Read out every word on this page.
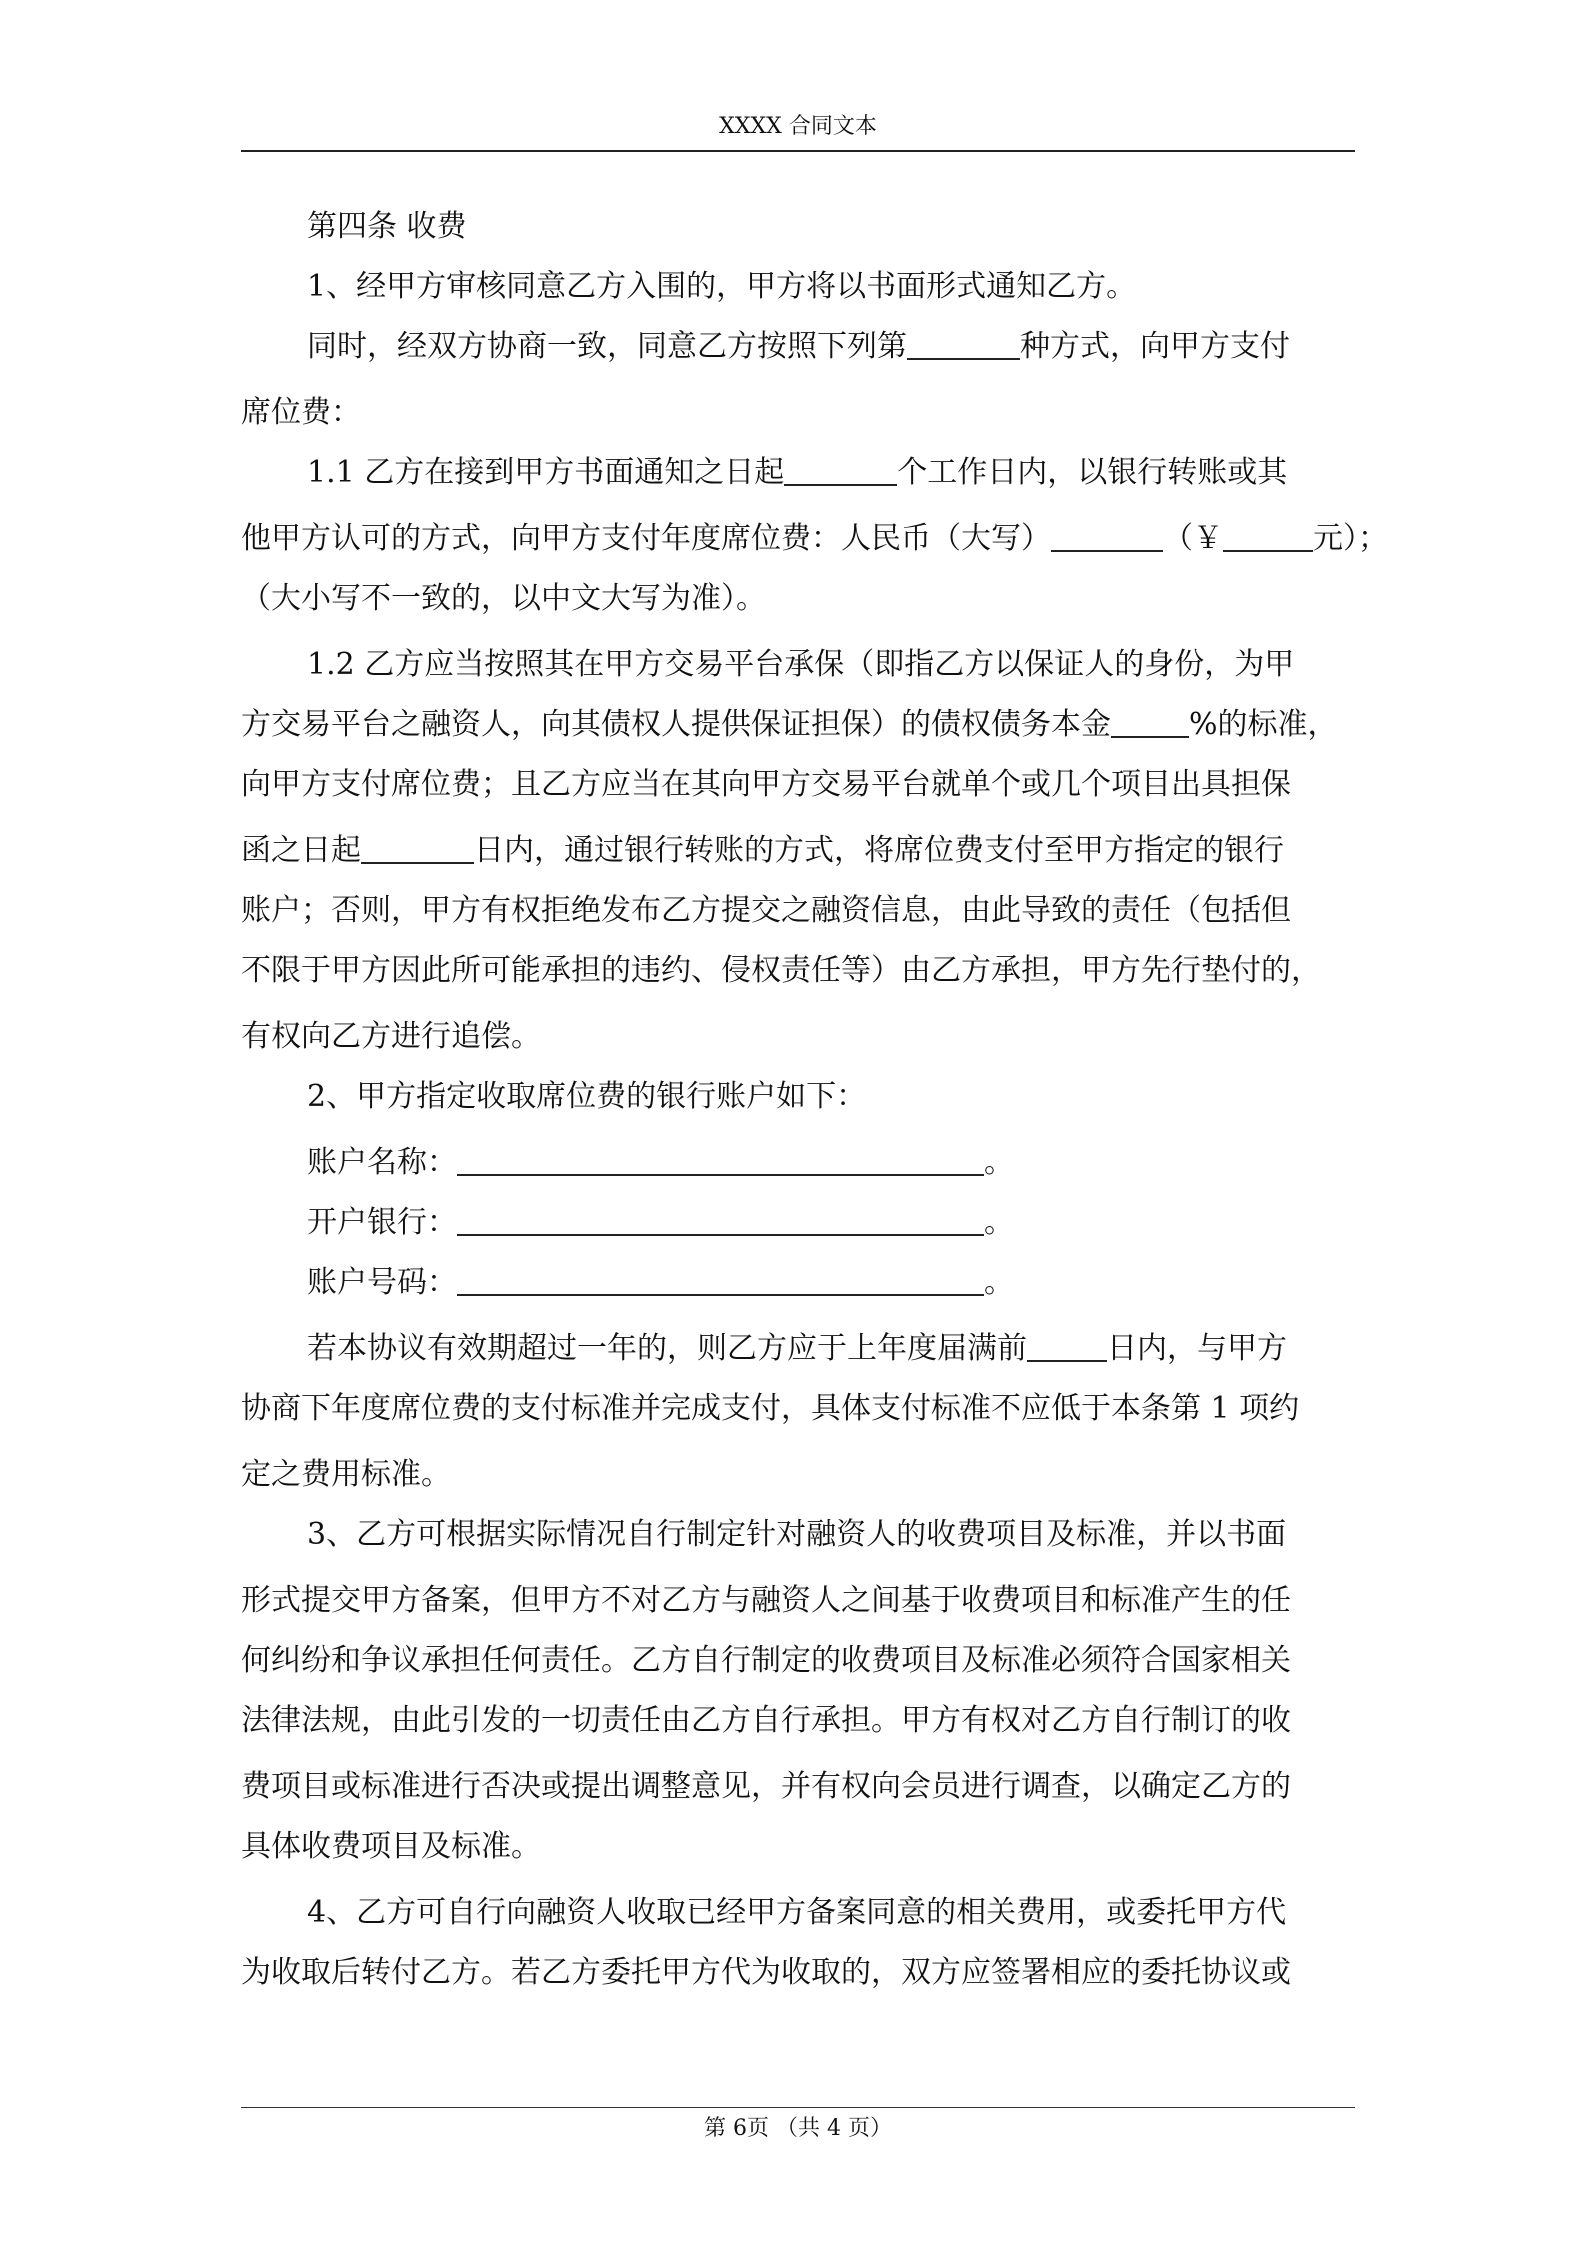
XXXX 合同文本
第四条 收费
1、经甲方审核同意乙方入围的，甲方将以书面形式通知乙方。
同时，经双方协商一致，同意乙方按照下列第	种方式，向甲方支付
席位费：
1.1 乙方在接到甲方书面通知之日起	个工作日内，以银行转账或其
他甲方认可的方式，向甲方支付年度席位费：人民币（大写）	（￥	元）；
（大小写不一致的，以中文大写为准）。
1.2 乙方应当按照其在甲方交易平台承保（即指乙方以保证人的身份，为甲
方交易平台之融资人，向其债权人提供保证担保）的债权债务本金	%的标准，
向甲方支付席位费；且乙方应当在其向甲方交易平台就单个或几个项目出具担保
函之日起	日内，通过银行转账的方式，将席位费支付至甲方指定的银行
账户；否则，甲方有权拒绝发布乙方提交之融资信息，由此导致的责任（包括但
不限于甲方因此所可能承担的违约、侵权责任等）由乙方承担，甲方先行垫付的，
有权向乙方进行追偿。
2、甲方指定收取席位费的银行账户如下：
账户名称：	。
开户银行：	。
账户号码：	。
若本协议有效期超过一年的，则乙方应于上年度届满前	日内，与甲方
协商下年度席位费的支付标准并完成支付，具体支付标准不应低于本条第 1 项约
定之费用标准。
3、乙方可根据实际情况自行制定针对融资人的收费项目及标准，并以书面
形式提交甲方备案，但甲方不对乙方与融资人之间基于收费项目和标准产生的任
何纠纷和争议承担任何责任。乙方自行制定的收费项目及标准必须符合国家相关
法律法规，由此引发的一切责任由乙方自行承担。甲方有权对乙方自行制订的收
费项目或标准进行否决或提出调整意见，并有权向会员进行调查，以确定乙方的
具体收费项目及标准。
4、乙方可自行向融资人收取已经甲方备案同意的相关费用，或委托甲方代
为收取后转付乙方。若乙方委托甲方代为收取的，双方应签署相应的委托协议或
第 6页 （共 4 页）
